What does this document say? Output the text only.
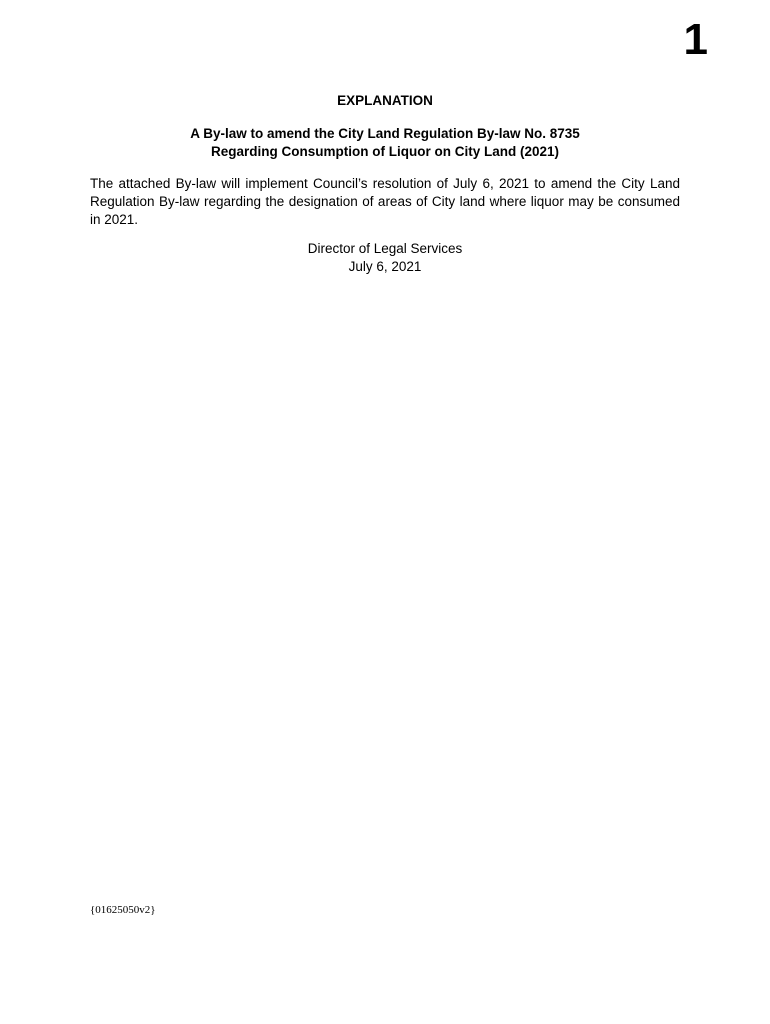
1
EXPLANATION
A By-law to amend the City Land Regulation By-law No. 8735
Regarding Consumption of Liquor on City Land (2021)
The attached By-law will implement Council’s resolution of July 6, 2021 to amend the City Land Regulation By-law regarding the designation of areas of City land where liquor may be consumed in 2021.
Director of Legal Services
July 6, 2021
{01625050v2}
